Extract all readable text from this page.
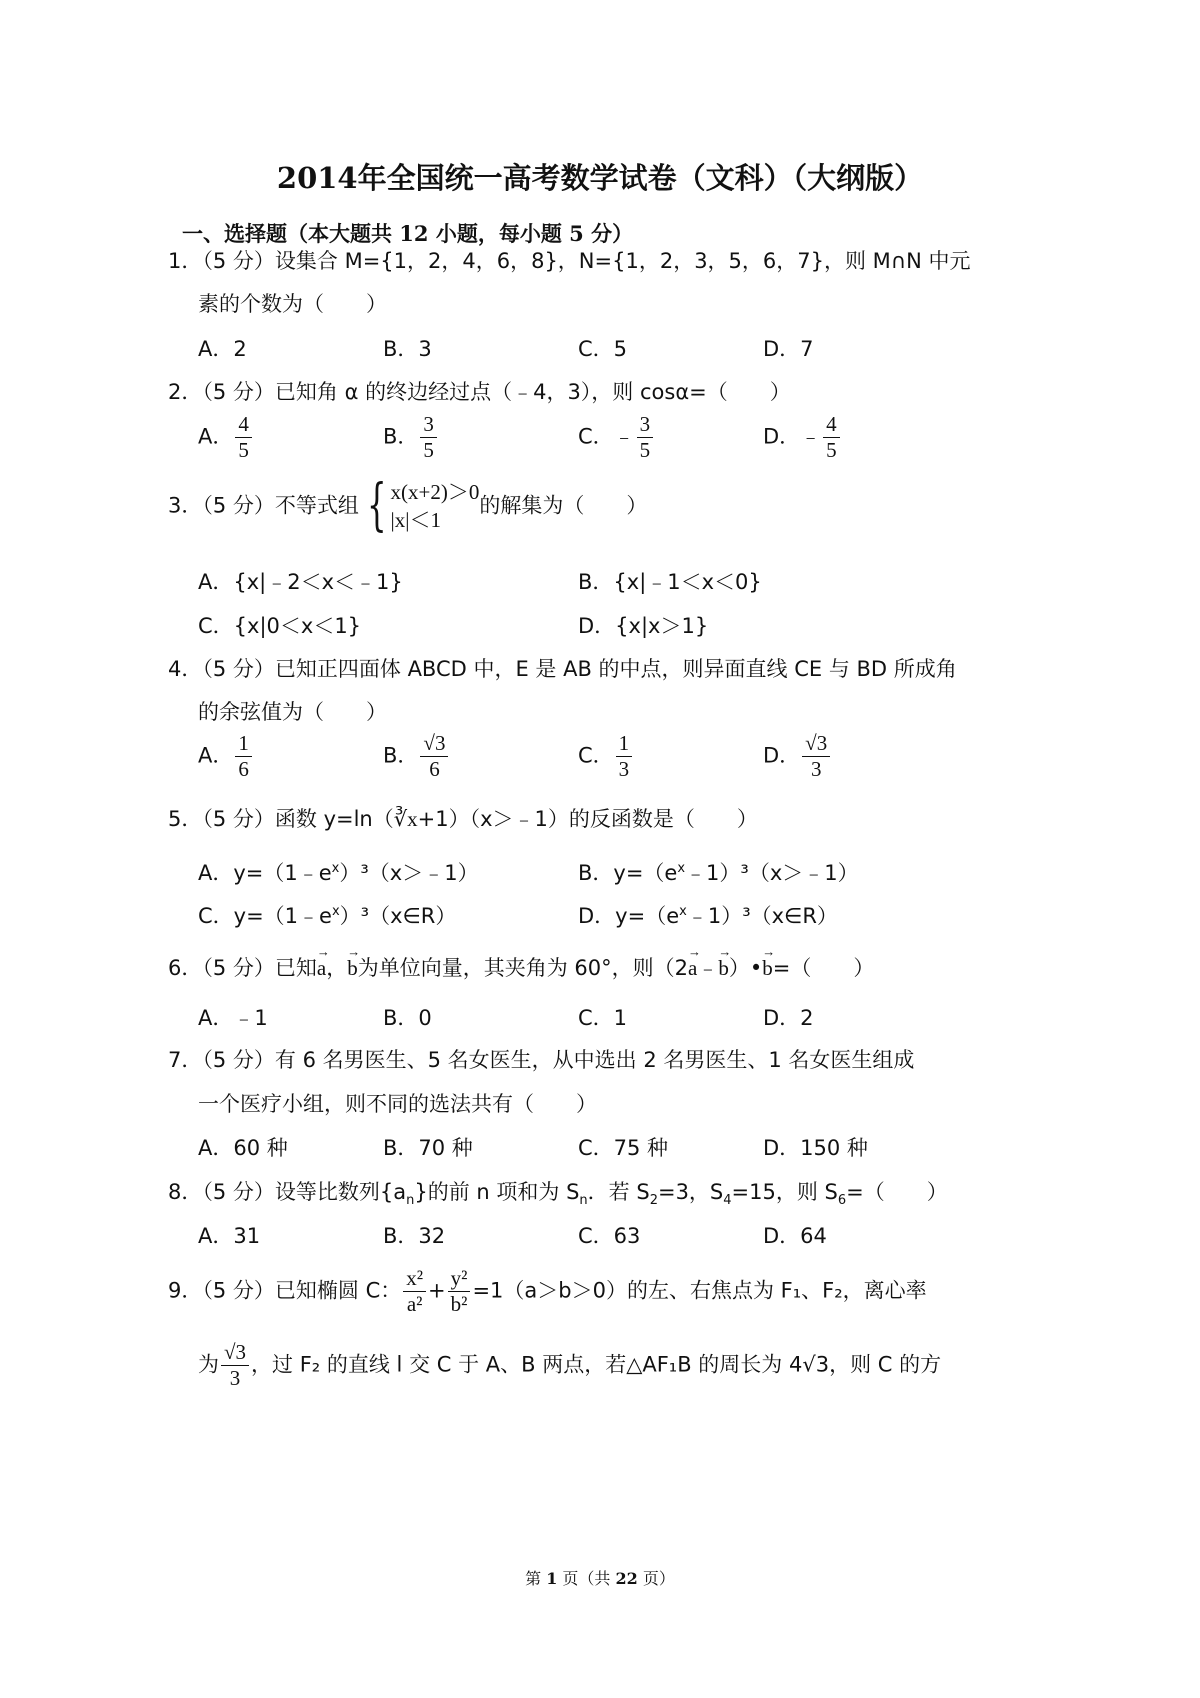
2014年全国统一高考数学试卷（文科）（大纲版）
一、选择题（本大题共 12 小题，每小题 5 分）
1．（5 分）设集合 M={1，2，4，6，8}，N={1，2，3，5，6，7}，则 M∩N 中元
素的个数为（　　）
A．2	B．3	C．5	D．7
2．（5 分）已知角 α 的终边经过点（﹣4，3），则 cosα=（　　）
A． $\frac{4}{5}$	B． $\frac{3}{5}$	C．﹣ $\frac{3}{5}$	D．﹣ $\frac{4}{5}$
3．（5 分）不等式组 { x(x+2)＞0
|x|＜1
的解集为（　　）
A．{x|﹣2＜x＜﹣1}	B．{x|﹣1＜x＜0}
C．{x|0＜x＜1}	D．{x|x＞1}
4．（5 分）已知正四面体 ABCD 中，E 是 AB 的中点，则异面直线 CE 与 BD 所成角
的余弦值为（　　）
A． $\frac{1}{6}$	B． $\frac{√3}{6}$	C． $\frac{1}{3}$	D． $\frac{√3}{3}$
5．（5 分）函数 y=ln（∛x+1）（x＞﹣1）的反函数是（　　）
A．$y=(1﹣e^x)^3(x>﹣1)$	B．$y=(e^x﹣1)^3(x>﹣1)$
C．$y=(1﹣e^x)^3(x\in R)$	D．$y=(e^x﹣1)^3(x\in R)$
6．（5 分）已知→ a，→ b为单位向量，其夹角为 60°，则（2→ a﹣→ b）•→ b=（　　）
A．﹣1	B．0	C．1	D．2
7．（5 分）有 6 名男医生、5 名女医生，从中选出 2 名男医生、1 名女医生组成
一个医疗小组，则不同的选法共有（　　）
A．60 种	B．70 种	C．75 种	D．150 种
8．（5 分）设等比数列$\{a_n\}$的前 n 项和为 $S_n$．若 $S_2=3$，$S_4=15$，则 $S_6=$（　　）
A．31	B．32	C．63	D．64
9．（5 分）已知椭圆 C： $\frac{\text{x²}}{\text{a²}} + \frac{\text{y²}}{\text{b²}} =1(a>b>0)$的左、右焦点为 F₁、F₂，离心率
为 $\frac{√3}{3}$ ，过 F₂ 的直线 l 交 C 于 A、B 两点，若△AF₁B 的周长为 4√3，则 C 的方
第 1 页（共 22 页）
